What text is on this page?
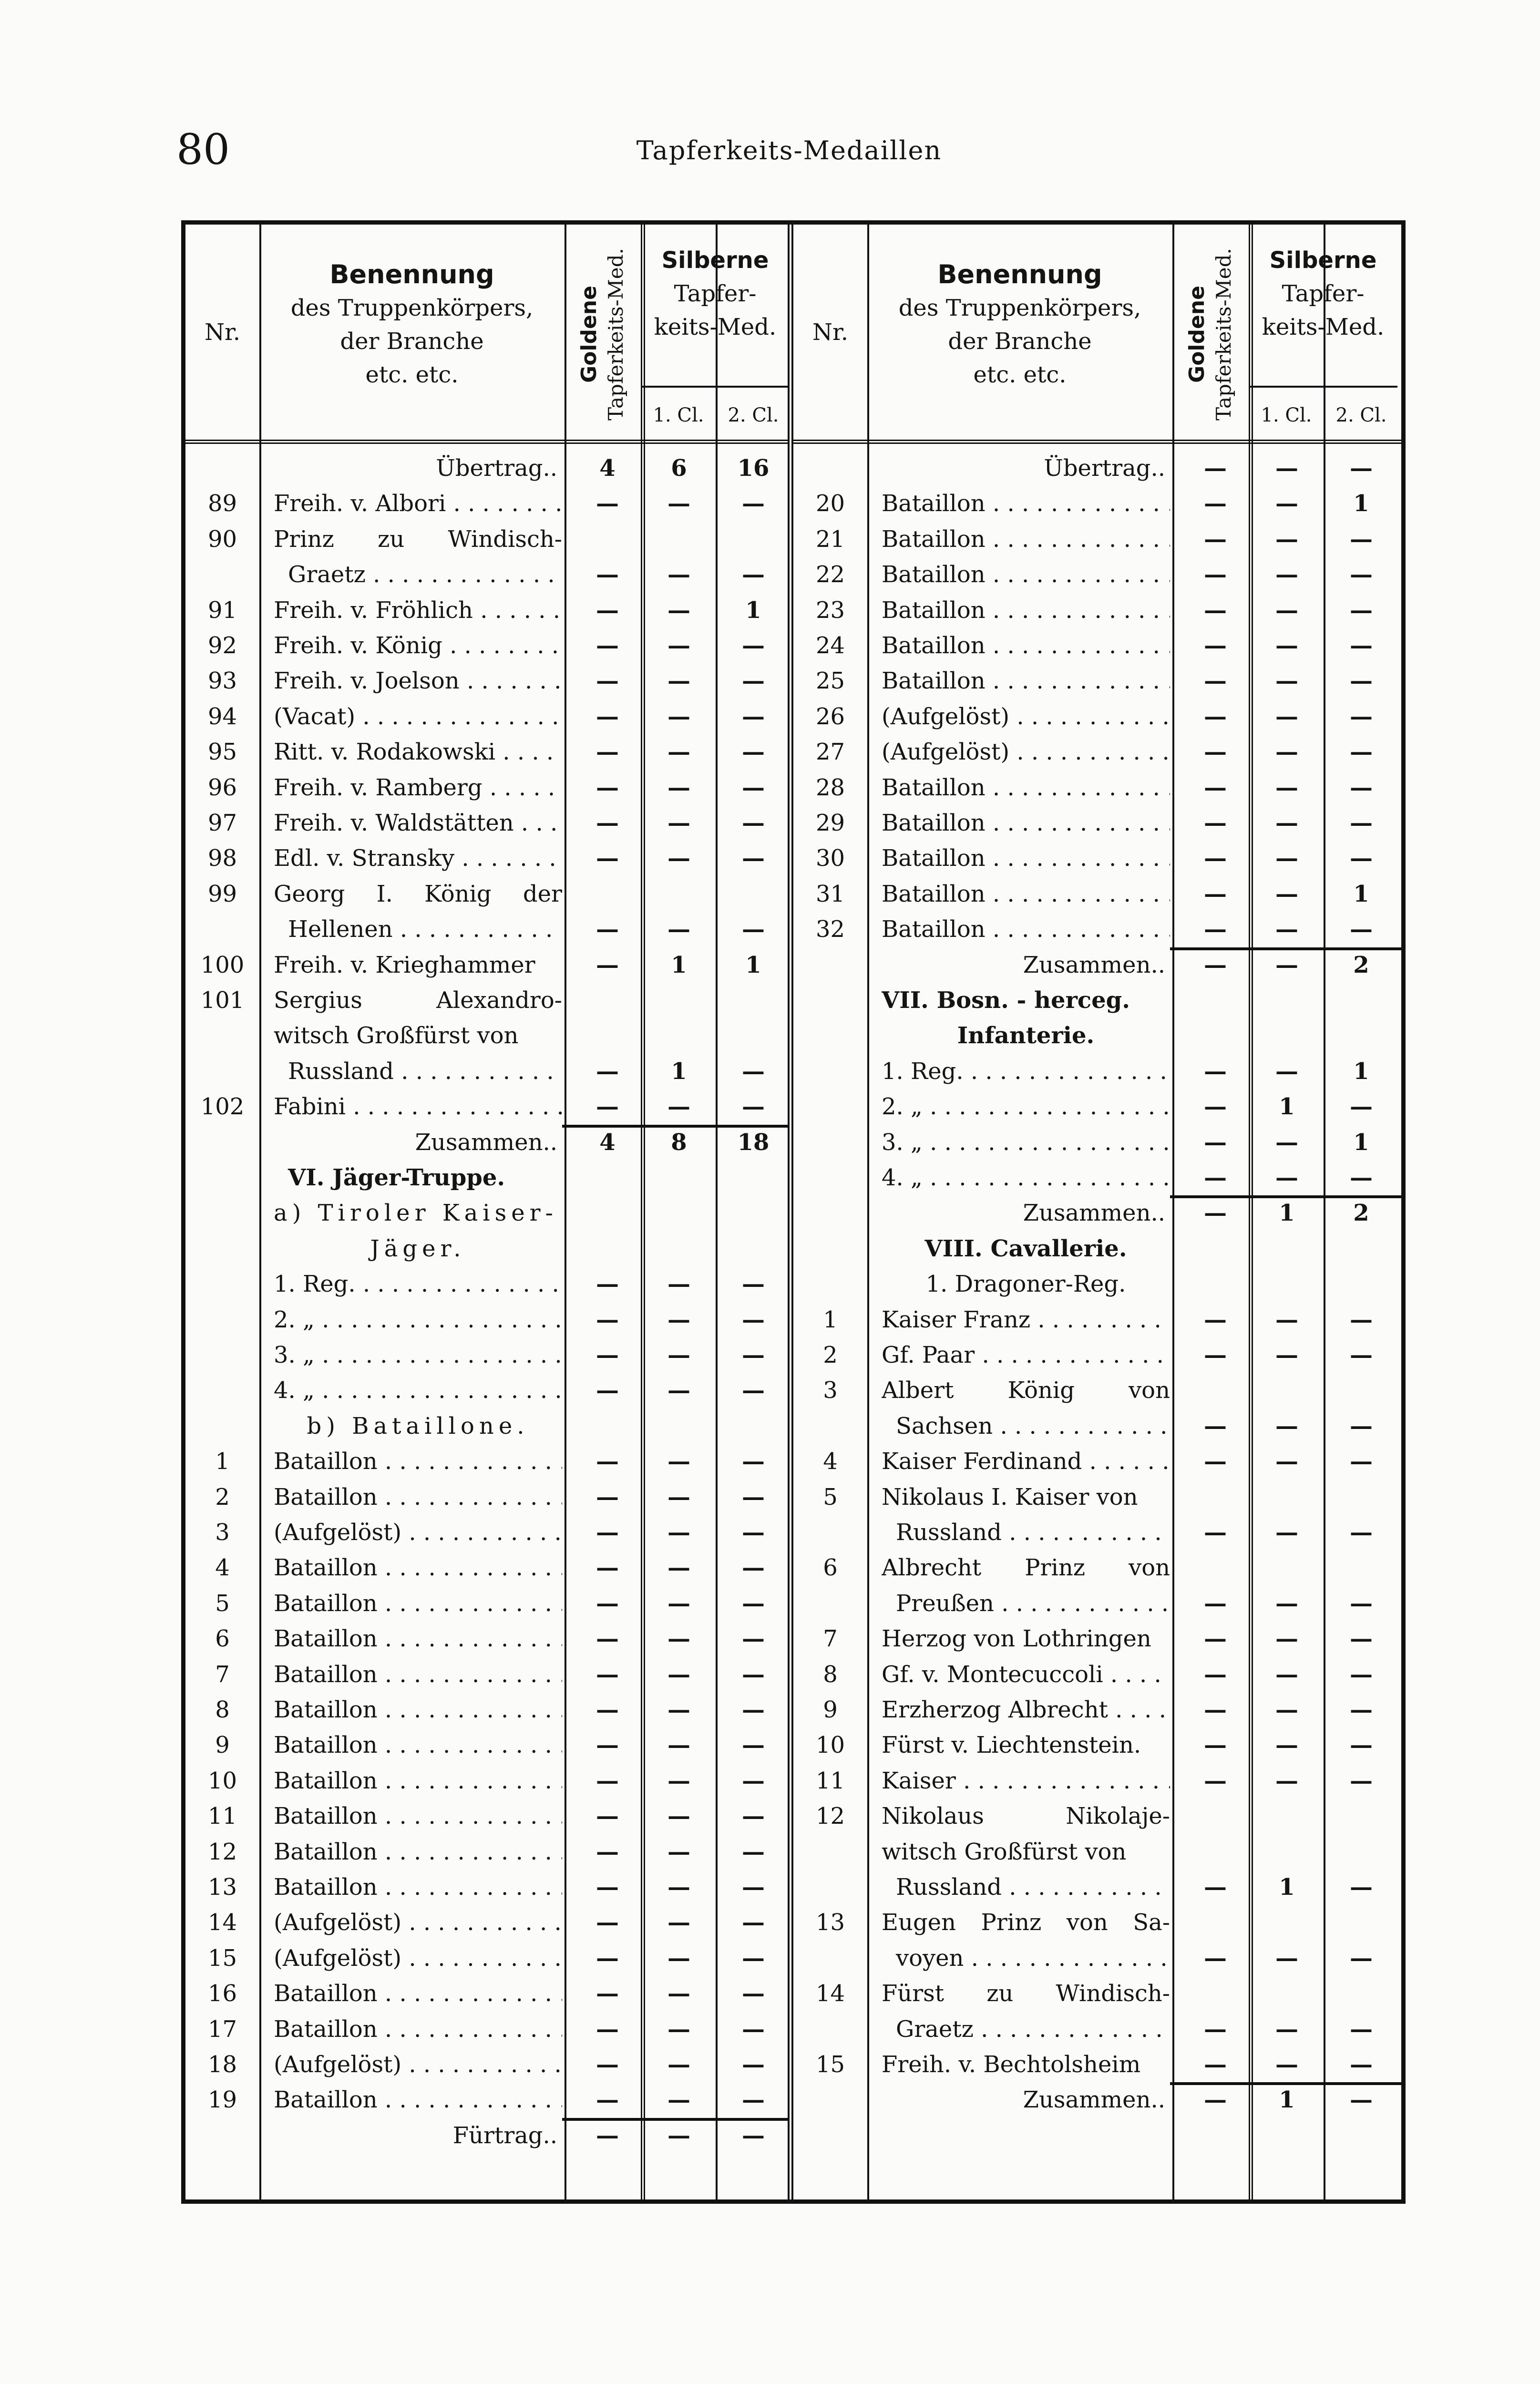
80	Tapferkeits-Medaillen
Nr.
Benennung
des Truppenkörpers,
der Branche
etc. etc.	Goldene Tapferkeits-Med.	Silberne
Tapfer-
keits-Med.
1. Cl.	2. Cl.
Übertrag..	4	6	16
89	Freih. v. Albori . . .	—	—	—
90	Prinz zu Windisch-
Graetz . . .	—	—	—
91	Freih. v. Fröhlich . . .	—	—	1
92	Freih. v. König . . .	—	—	—
93	Freih. v. Joelson . . .	—	—	—
94	(Vacat) . . .	—	—	—
95	Ritt. v. Rodakowski . . .	—	—	—
96	Freih. v. Ramberg . . .	—	—	—
97	Freih. v. Waldstätten . . .	—	—	—
98	Edl. v. Stransky . . .	—	—	—
99	Georg I. König der
Hellenen . . .	—	—	—
100	Freih. v. Krieghammer	—	1	1
101	Sergius Alexandro-
witsch Großfürst von
Russland . . .	—	1	—
102	Fabini . . .	—	—	—
Zusammen..	4	8	18
VI. Jäger-Truppe.
a) Tiroler Kaiser-
Jäger.
1. Reg. . . .	—	—	—
2. „ . . .	—	—	—
3. „ . . .	—	—	—
4. „ . . .	—	—	—
b) Bataillone.
1	Bataillon . . .	—	—	—
2	Bataillon . . .	—	—	—
3	(Aufgelöst) . . .	—	—	—
4	Bataillon . . .	—	—	—
5	Bataillon . . .	—	—	—
6	Bataillon . . .	—	—	—
7	Bataillon . . .	—	—	—
8	Bataillon . . .	—	—	—
9	Bataillon . . .	—	—	—
10	Bataillon . . .	—	—	—
11	Bataillon . . .	—	—	—
12	Bataillon . . .	—	—	—
13	Bataillon . . .	—	—	—
14	(Aufgelöst) . . .	—	—	—
15	(Aufgelöst) . . .	—	—	—
16	Bataillon . . .	—	—	—
17	Bataillon . . .	—	—	—
18	(Aufgelöst) . . .	—	—	—
19	Bataillon . . .	—	—	—
Fürtrag..	—	—	—
Nr.
Benennung
des Truppenkörpers,
der Branche
etc. etc.	Goldene Tapferkeits-Med.	Silberne
Tapfer-
keits-Med.
1. Cl.	2. Cl.
Übertrag..	—	—	—
20	Bataillon . . .	—	—	1
21	Bataillon . . .	—	—	—
22	Bataillon . . .	—	—	—
23	Bataillon . . .	—	—	—
24	Bataillon . . .	—	—	—
25	Bataillon . . .	—	—	—
26	(Aufgelöst) . . .	—	—	—
27	(Aufgelöst) . . .	—	—	—
28	Bataillon . . .	—	—	—
29	Bataillon . . .	—	—	—
30	Bataillon . . .	—	—	—
31	Bataillon . . .	—	—	1
32	Bataillon . . .	—	—	—
Zusammen..	—	—	2
VII. Bosn. - herceg.
Infanterie.
1. Reg. . . .	—	—	1
2. „ . . .	—	1	—
3. „ . . .	—	—	1
4. „ . . .	—	—	—
Zusammen..	—	1	2
VIII. Cavallerie.
1. Dragoner-Reg.
1	Kaiser Franz . . .	—	—	—
2	Gf. Paar . . .	—	—	—
3	Albert König von
Sachsen . . .	—	—	—
4	Kaiser Ferdinand . . .	—	—	—
5	Nikolaus I. Kaiser von
Russland . . .	—	—	—
6	Albrecht Prinz von
Preußen . . .	—	—	—
7	Herzog von Lothringen	—	—	—
8	Gf. v. Montecuccoli . . .	—	—	—
9	Erzherzog Albrecht . . .	—	—	—
10	Fürst v. Liechtenstein.	—	—	—
11	Kaiser . . .	—	—	—
12	Nikolaus Nikolaje-
witsch Großfürst von
Russland . . .	—	1	—
13	Eugen Prinz von Sa-
voyen . . .	—	—	—
14	Fürst zu Windisch-
Graetz . . .	—	—	—
15	Freih. v. Bechtolsheim	—	—	—
Zusammen..	—	1	—
